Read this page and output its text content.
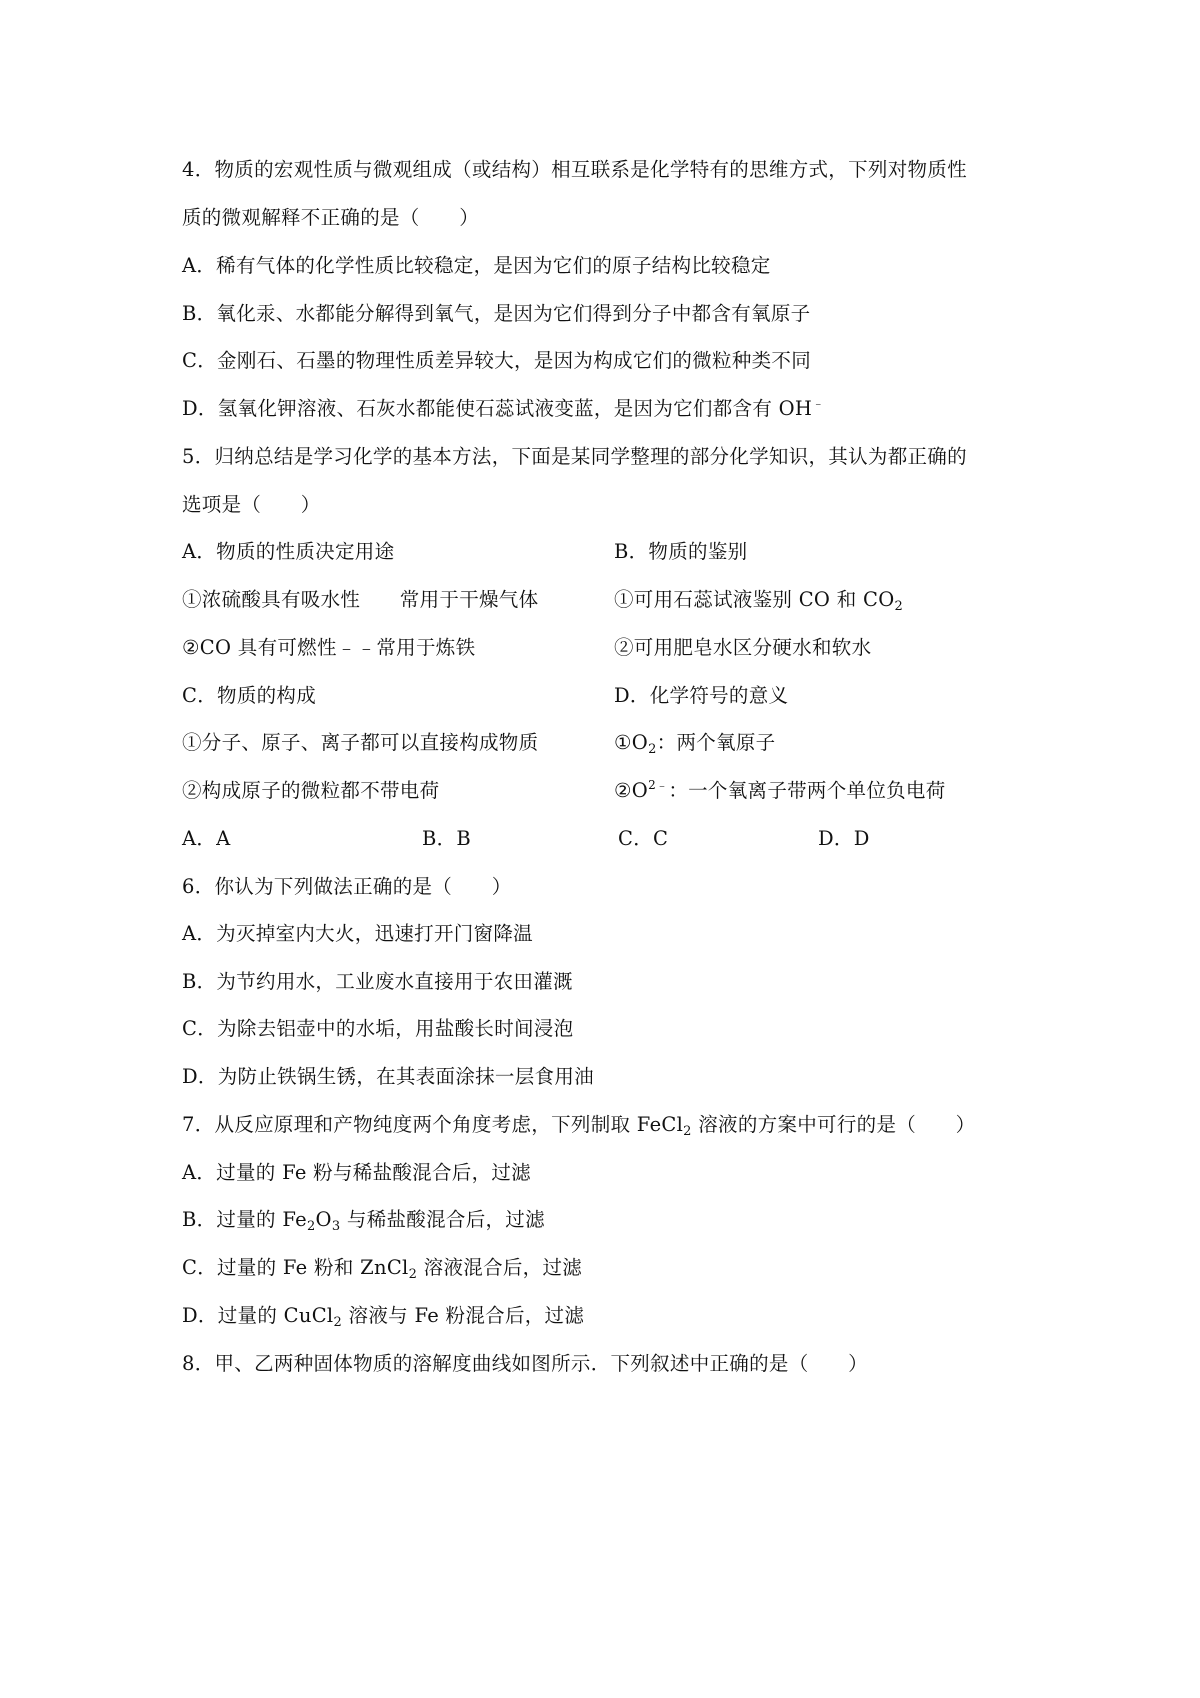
4．物质的宏观性质与微观组成（或结构）相互联系是化学特有的思维方式，下列对物质性
质的微观解释不正确的是（　　）
A．稀有气体的化学性质比较稳定，是因为它们的原子结构比较稳定
B．氧化汞、水都能分解得到氧气，是因为它们得到分子中都含有氧原子
C．金刚石、石墨的物理性质差异较大，是因为构成它们的微粒种类不同
D．氢氧化钾溶液、石灰水都能使石蕊试液变蓝，是因为它们都含有 OH﹣
5．归纳总结是学习化学的基本方法，下面是某同学整理的部分化学知识，其认为都正确的
选项是（　　）
A．物质的性质决定用途	B．物质的鉴别
①浓硫酸具有吸水性　　常用于干燥气体	①可用石蕊试液鉴别 CO 和 $CO_2$
②CO 具有可燃性﹣﹣常用于炼铁	②可用肥皂水区分硬水和软水
C．物质的构成	D．化学符号的意义
①分子、原子、离子都可以直接构成物质	$①O_2$：两个氧原子
②构成原子的微粒都不带电荷	$②O^{2﹣}$：一个氧离子带两个单位负电荷
A．A	B．B	C．C	D．D
6．你认为下列做法正确的是（　　）
A．为灭掉室内大火，迅速打开门窗降温
B．为节约用水，工业废水直接用于农田灌溉
C．为除去铝壶中的水垢，用盐酸长时间浸泡
D．为防止铁锅生锈，在其表面涂抹一层食用油
7．从反应原理和产物纯度两个角度考虑，下列制取 FeCl$_2$ 溶液的方案中可行的是（　　）
A．过量的 Fe 粉与稀盐酸混合后，过滤
B．过量的 $Fe_2O_3$ 与稀盐酸混合后，过滤
C．过量的 Fe 粉和 ZnCl$_2$ 溶液混合后，过滤
D．过量的 CuCl$_2$ 溶液与 Fe 粉混合后，过滤
8．甲、乙两种固体物质的溶解度曲线如图所示．下列叙述中正确的是（　　）
